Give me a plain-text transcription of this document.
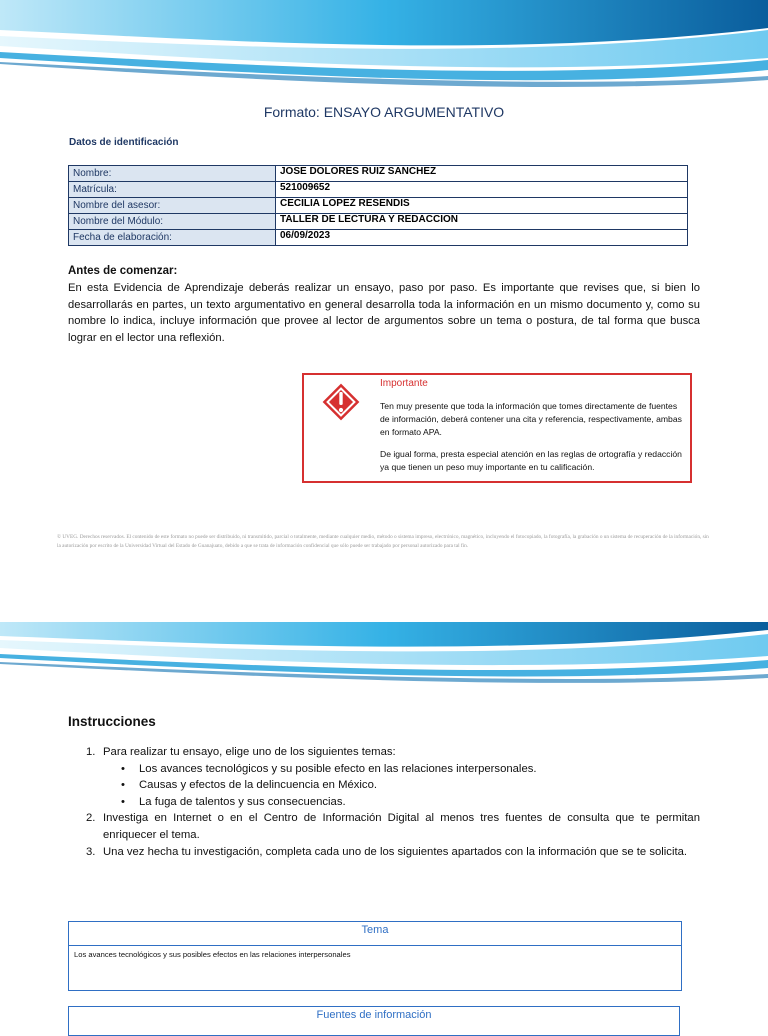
Formato: ENSAYO ARGUMENTATIVO
Datos de identificación
Nombre:	JOSE DOLORES RUIZ SANCHEZ
Matrícula:	521009652
Nombre del asesor:	CECILIA LOPEZ RESENDIS
Nombre del Módulo:	TALLER DE LECTURA Y REDACCION
Fecha de elaboración:	06/09/2023
Antes de comenzar:
En esta Evidencia de Aprendizaje deberás realizar un ensayo, paso por paso. Es importante que revises que, si bien lo desarrollarás en partes, un texto argumentativo en general desarrolla toda la información en un mismo documento y, como su nombre lo indica, incluye información que provee al lector de argumentos sobre un tema o postura, de tal forma que busca lograr en el lector una reflexión.
Importante

Ten muy presente que toda la información que tomes directamente de fuentes de información, deberá contener una cita y referencia, respectivamente, ambas en formato APA.

De igual forma, presta especial atención en las reglas de ortografía y redacción ya que tienen un peso muy importante en tu calificación.

© UVEG. Derechos reservados. El contenido de este formato no puede ser distribuido, ni transmitido, parcial o totalmente, mediante cualquier medio, método o sistema impreso, electrónico, magnético, incluyendo el fotocopiado, la fotografía, la grabación o un sistema de recuperación de la información, sin la autorización por escrito de la Universidad Virtual del Estado de Guanajuato, debido a que se trata de información confidencial que sólo puede ser trabajado por personal autorizado para tal fin.
Instrucciones
1. Para realizar tu ensayo, elige uno de los siguientes temas:
• Los avances tecnológicos y su posible efecto en las relaciones interpersonales.
• Causas y efectos de la delincuencia en México.
• La fuga de talentos y sus consecuencias.
2. Investiga en Internet o en el Centro de Información Digital al menos tres fuentes de consulta que te permitan enriquecer el tema.
3. Una vez hecha tu investigación, completa cada uno de los siguientes apartados con la información que se te solicita.
Tema
Los avances tecnológicos y sus posibles efectos en las relaciones interpersonales
Fuentes de información
